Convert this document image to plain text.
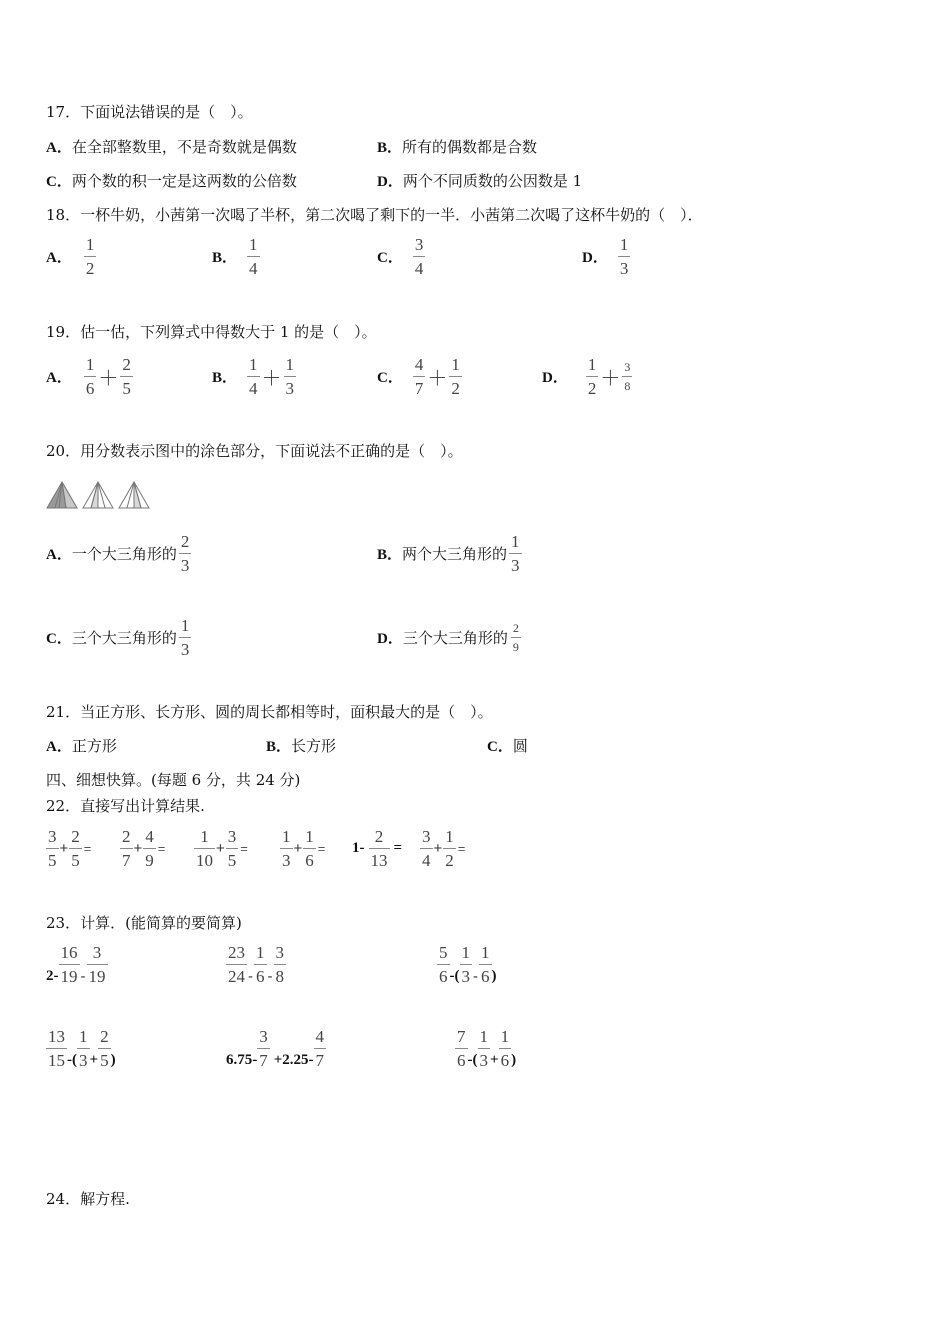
17．下面说法错误的是（　）。
A．在全部整数里，不是奇数就是偶数	B．所有的偶数都是合数
C．两个数的积一定是这两数的公倍数	D．两个不同质数的公因数是 1
18．一杯牛奶，小茜第一次喝了半杯，第二次喝了剩下的一半．小茜第二次喝了这杯牛奶的（　）．
A．
1
2
B．
1
4
C．
3
4
D．
1
3
19．估一估，下列算式中得数大于 1 的是（　）。
A．
1
6 ＋
2
5
B．
1
4 ＋
1
3
C．
4
7 ＋
1
2
D．
1
2 ＋
3
8
20．用分数表示图中的涂色部分，下面说法不正确的是（　）。
A． 一个大三角形的
2
3
B． 两个大三角形的
1
3
C． 三个大三角形的
1
3
D． 三个大三角形的
2
9
21．当正方形、长方形、圆的周长都相等时，面积最大的是（　）。
A．正方形	B．长方形	C．圆
四、细想快算。(每题 6 分，共 24 分)
22．直接写出计算结果.
3
5
+ $\frac{2}{5}$ =
2
7
+ $\frac{4}{9}$ =
1
10
+ $\frac{3}{5}$ =
1
3
+ $\frac{1}{6} = 1- \frac{2}{13}$ =
3
4
+ $\frac{1}{2}$ =
23．计算．(能简算的要简算)
2-
16
19 -
3
19
23
24 -
1
6 -
3
8
5
6 -(
1
3 -
1
6 )
13
15 -(
1
$3 + \frac{2}{5}$ )	6.75-
3
7 +2.25-
4
7
7
6 -(
1
$3 + \frac{1}{6}$ )
24．解方程.
